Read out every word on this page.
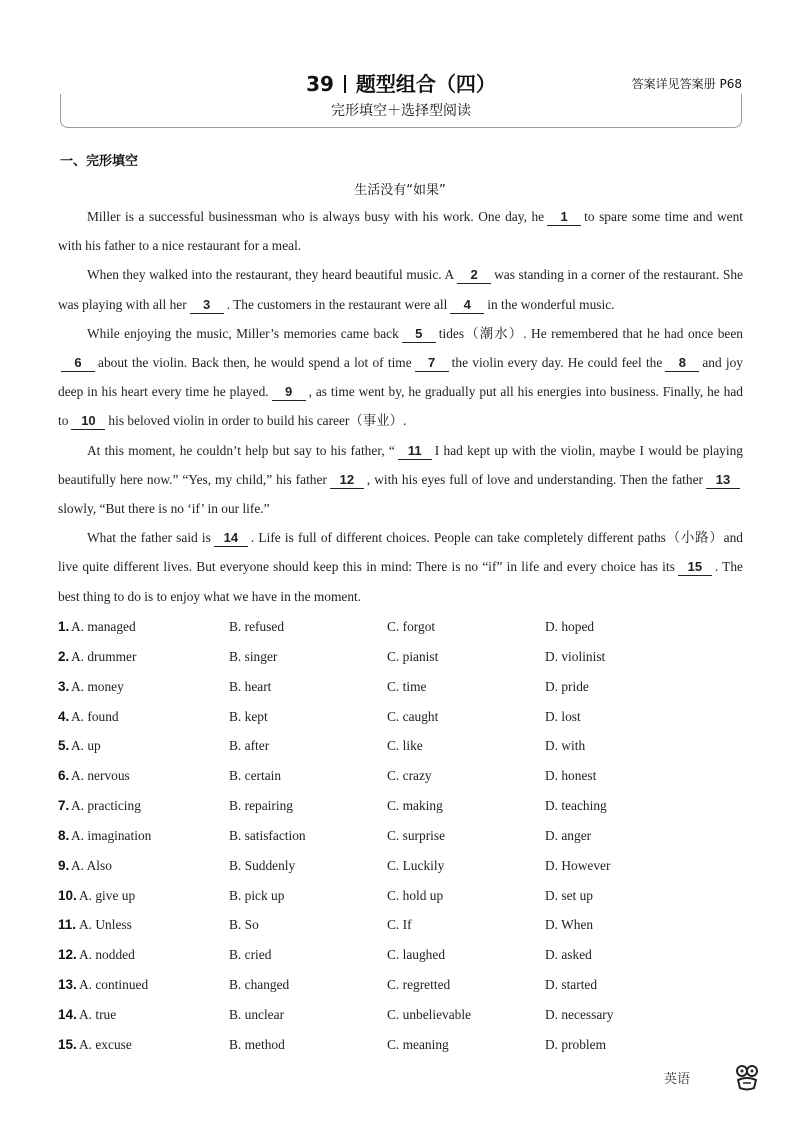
39 题型组合（四）	答案详见答案册 P68
完形填空＋选择型阅读
一、完形填空
生活没有“如果”

Miller is a successful businessman who is always busy with his work. One day, he 1 to spare some time and went with his father to a nice restaurant for a meal.

When they walked into the restaurant, they heard beautiful music. A 2 was standing in a corner of the restaurant. She was playing with all her 3 . The customers in the restaurant were all 4 in the wonderful music.

While enjoying the music, Miller’s memories came back 5 tides（潮水）. He remembered that he had once been6 about the violin. Back then, he would spend a lot of time 7 the violin every day. He could feel the 8 and joy deep in his heart every time he played. 9 , as time went by, he gradually put all his energies into business. Finally, he had to 10 his beloved violin in order to build his career（事业）.

At this moment, he couldn’t help but say to his father, “ 11 I had kept up with the violin, maybe I would be playing beautifully here now.” “Yes, my child,” his father 12 , with his eyes full of love and understanding. Then the father 13slowly, “But there is no ‘if’ in our life.”

What the father said is 14 . Life is full of different choices. People can take completely different paths（小路）and live quite different lives. But everyone should keep this in mind: There is no “if” in life and every choice has its 15 . The best thing to do is to enjoy what we have in the moment.

1. A. managed	B. refused	C. forgot	D. hoped
2. A. drummer	B. singer	C. pianist	D. violinist
3. A. money	B. heart	C. time	D. pride
4. A. found	B. kept	C. caught	D. lost
5. A. up	B. after	C. like	D. with
6. A. nervous	B. certain	C. crazy	D. honest
7. A. practicing	B. repairing	C. making	D. teaching
8. A. imagination	B. satisfaction	C. surprise	D. anger
9. A. Also	B. Suddenly	C. Luckily	D. However
10. A. give up	B. pick up	C. hold up	D. set up
11. A. Unless	B. So	C. If	D. When
12. A. nodded	B. cried	C. laughed	D. asked
13. A. continued	B. changed	C. regretted	D. started
14. A. true	B. unclear	C. unbelievable	D. necessary
15. A. excuse	B. method	C. meaning	D. problem
英语
